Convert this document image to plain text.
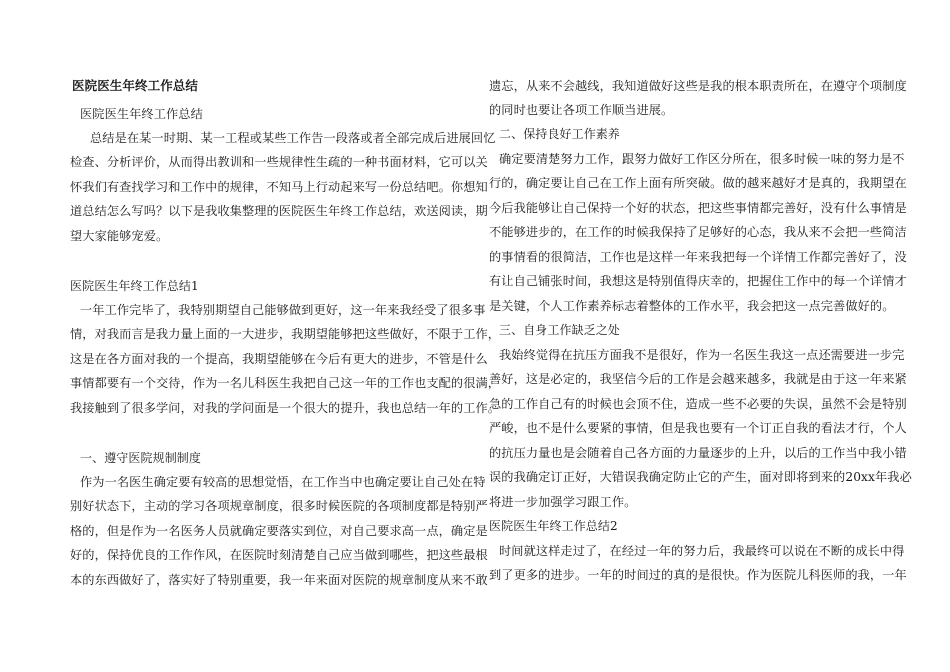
医院医生年终工作总结
医院医生年终工作总结
总结是在某一时期、某一工程或某些工作告一段落或者全部完成后进展回忆
检查、分析评价，从而得出教训和一些规律性生疏的一种书面材料，它可以关
怀我们有查找学习和工作中的规律，不知马上行动起来写一份总结吧。你想知
道总结怎么写吗？以下是我收集整理的医院医生年终工作总结，欢送阅读，期
望大家能够宠爱。
医院医生年终工作总结1
一年工作完毕了，我特别期望自己能够做到更好，这一年来我经受了很多事
情，对我而言是我力量上面的一大进步，我期望能够把这些做好，不限于工作，
这是在各方面对我的一个提高，我期望能够在今后有更大的进步，不管是什么
事情都要有一个交待，作为一名儿科医生我把自己这一年的工作也支配的很满，
我接触到了很多学问，对我的学问面是一个很大的提升，我也总结一年的工作。
一、遵守医院规制制度
作为一名医生确定要有较高的思想觉悟，在工作当中也确定要让自己处在特
别好状态下，主动的学习各项规章制度，很多时候医院的各项制度都是特别严
格的，但是作为一名医务人员就确定要落实到位，对自己要求高一点，确定是
好的，保持优良的工作作风，在医院时刻清楚自己应当做到哪些，把这些最根
本的东西做好了，落实好了特别重要，我一年来面对医院的规章制度从来不敢
遗忘，从来不会越线，我知道做好这些是我的根本职责所在，在遵守个项制度
的同时也要让各项工作顺当进展。
二、保持良好工作素养
确定要清楚努力工作，跟努力做好工作区分所在，很多时候一味的努力是不
行的，确定要让自己在工作上面有所突破。做的越来越好才是真的，我期望在
今后我能够让自己保持一个好的状态，把这些事情都完善好，没有什么事情是
不能够进步的，在工作的时候我保持了足够好的心态，我从来不会把一些简洁
的事情看的很简洁，工作也是这样一年来我把每一个详情工作都完善好了，没
有让自己铺张时间，我想这是特别值得庆幸的，把握住工作中的每一个详情才
是关键，个人工作素养标志着整体的工作水平，我会把这一点完善做好的。
三、自身工作缺乏之处
我始终觉得在抗压方面我不是很好，作为一名医生我这一点还需要进一步完
善好，这是必定的，我坚信今后的工作是会越来越多，我就是由于这一年来紧
急的工作自己有的时候也会顶不住，造成一些不必要的失误，虽然不会是特别
严峻，也不是什么要紧的事情，但是我也要有一个订正自我的看法才行，个人
的抗压力量也是会随着自己各方面的力量逐步的上升，以后的工作当中我小错
误的我确定订正好，大错误我确定防止它的产生，面对即将到来的20xx年我必
将进一步加强学习跟工作。
医院医生年终工作总结2
时间就这样走过了，在经过一年的努力后，我最终可以说在不断的成长中得
到了更多的进步。一年的时间过的真的是很快。作为医院儿科医师的我，一年
